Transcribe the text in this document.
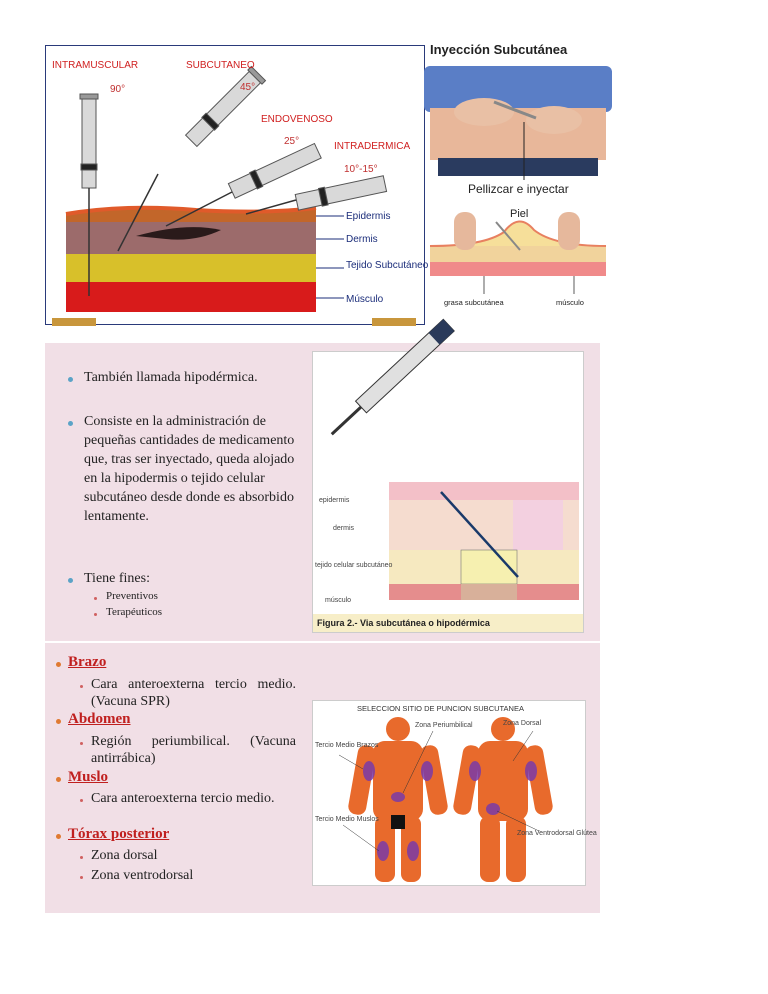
INTRAMUSCULAR	SUBCUTANEO
ENDOVENOSO
INTRADERMICA
90°	45°
25°
10°-15°
Epidermis
Dermis
Tejido Subcutáneo
Músculo
Inyección Subcutánea
Pellizcar e inyectar
Piel
grasa subcutánea	músculo
También llamada hipodérmica.
Consiste en la administración de pequeñas cantidades de medicamento que, tras ser inyectado, queda alojado en la hipodermis o tejido celular subcutáneo desde donde es absorbido lentamente.
Tiene fines:
Preventivos
Terapéuticos
epidermis
dermis
tejido celular subcutáneo
músculo
Figura 2.- Via subcutánea o hipodérmica
Brazo
Cara anteroexterna tercio medio. (Vacuna SPR)
Abdomen
Región periumbilical. (Vacuna antirrábica)
Muslo
Cara anteroexterna tercio medio.
Tórax posterior
Zona dorsal
Zona ventrodorsal
SELECCION SITIO DE PUNCION SUBCUTANEA
Tercio Medio Brazos
Zona Periumbilical	Zona Dorsal
Tercio Medio Muslos
Zona Ventrodorsal Glútea
